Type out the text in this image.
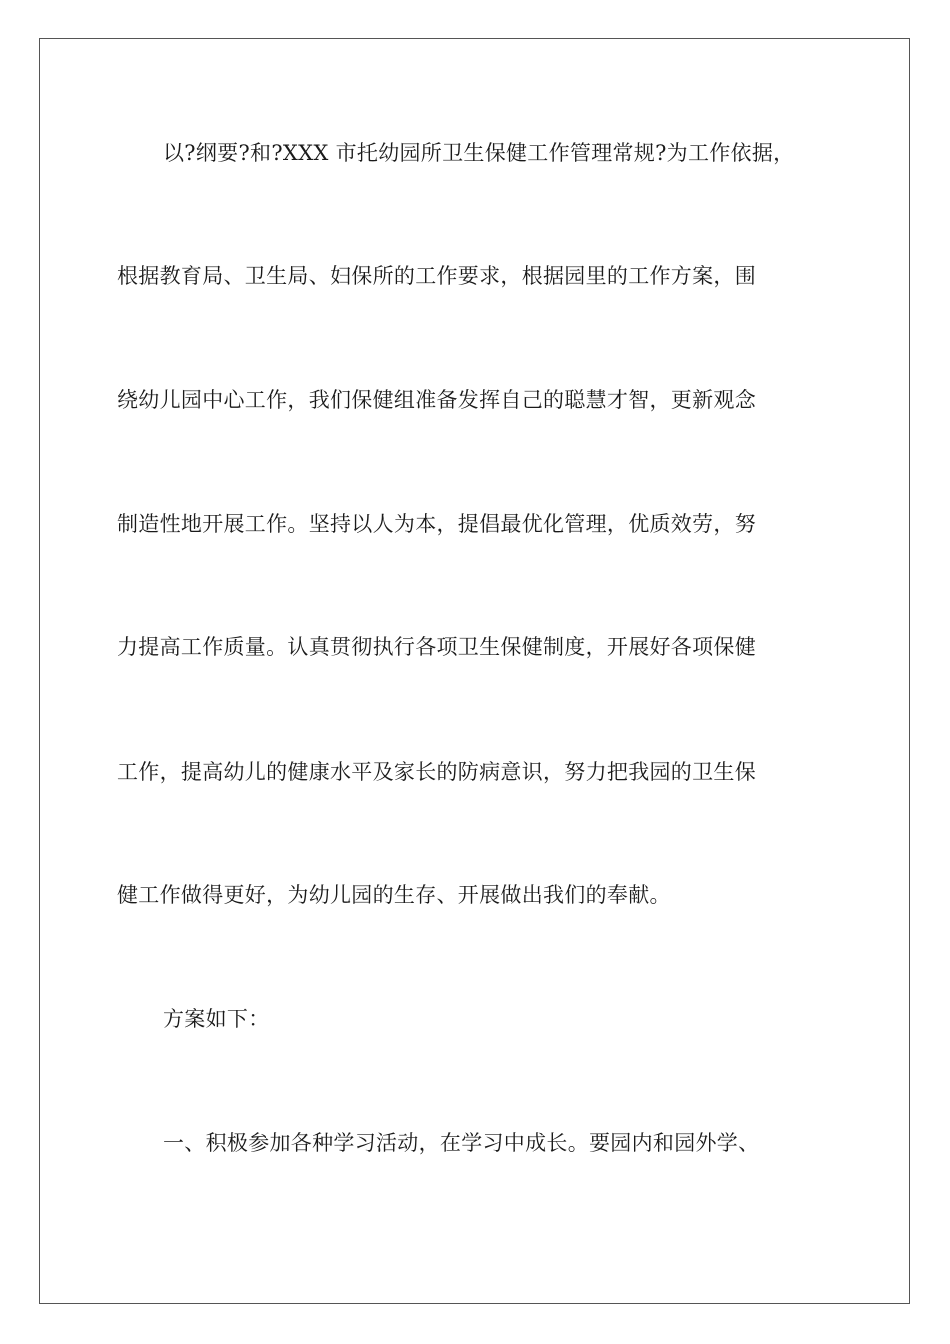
以?纲要?和?XXX 市托幼园所卫生保健工作管理常规?为工作依据，
根据教育局、卫生局、妇保所的工作要求，根据园里的工作方案，围
绕幼儿园中心工作，我们保健组准备发挥自己的聪慧才智，更新观念
制造性地开展工作。坚持以人为本，提倡最优化管理，优质效劳，努
力提高工作质量。认真贯彻执行各项卫生保健制度，开展好各项保健
工作，提高幼儿的健康水平及家长的防病意识，努力把我园的卫生保
健工作做得更好，为幼儿园的生存、开展做出我们的奉献。
方案如下：
一、积极参加各种学习活动，在学习中成长。要园内和园外学、
